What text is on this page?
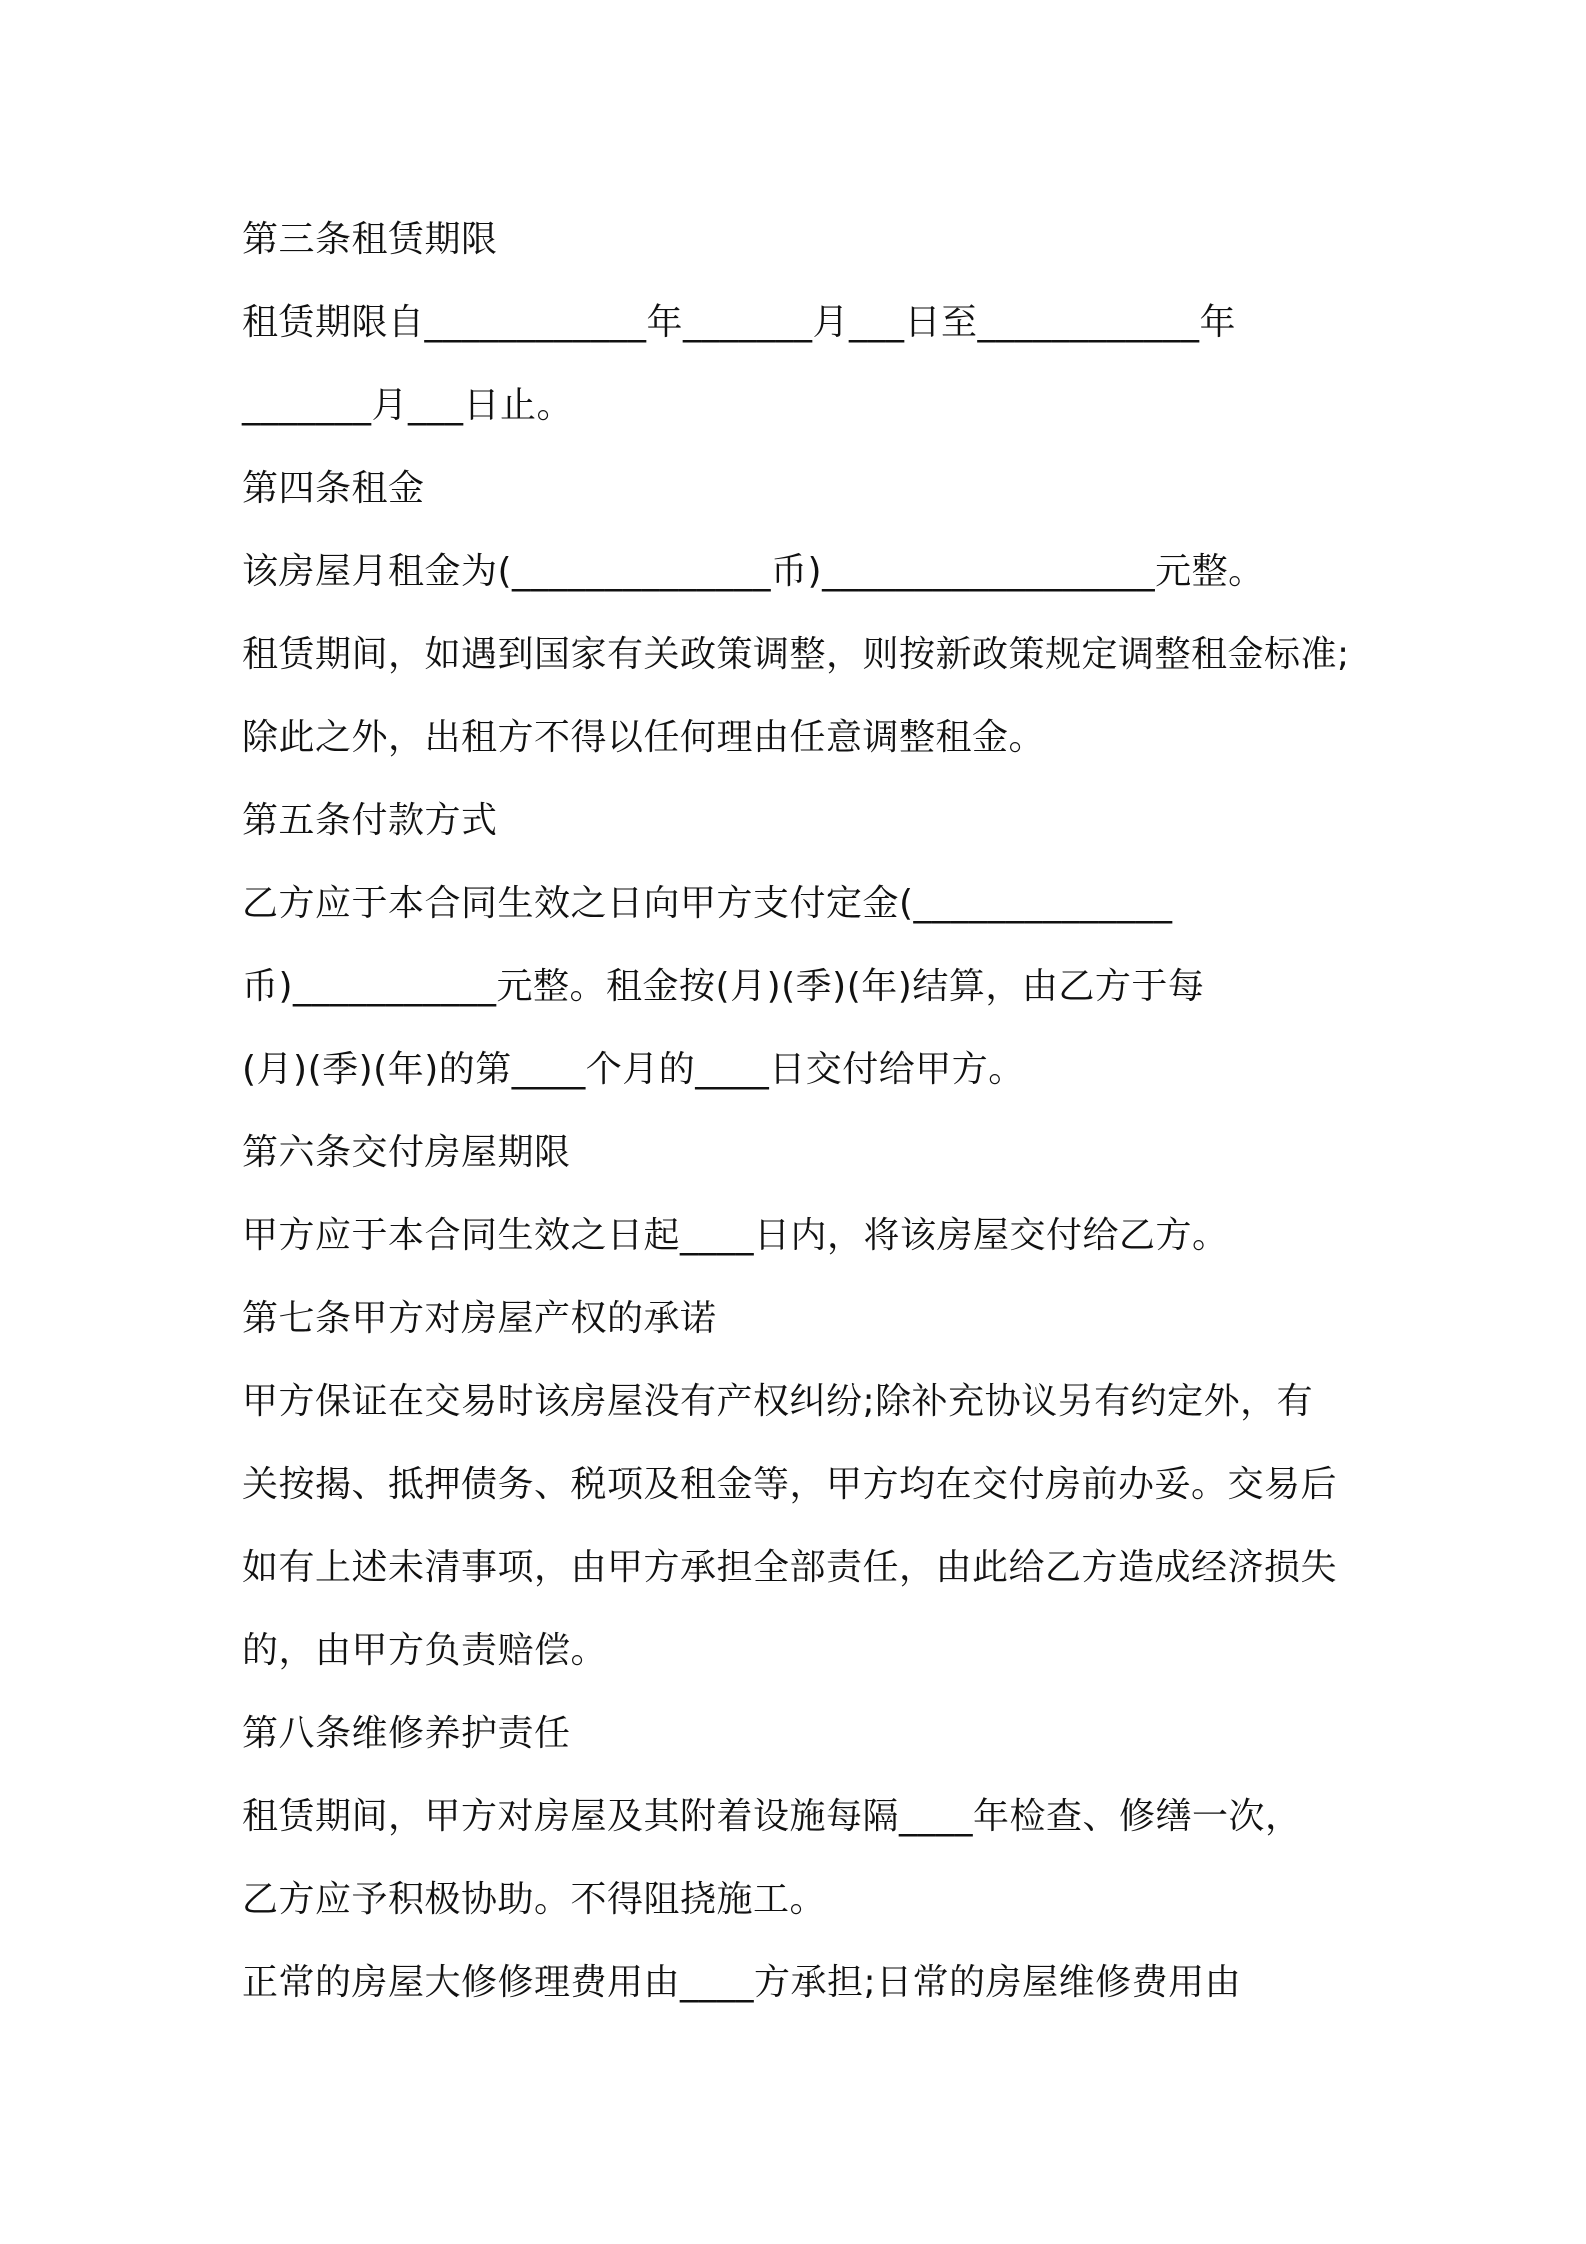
第三条租赁期限
租赁期限自____________年_______月___日至____________年
_______月___日止。
第四条租金
该房屋月租金为(______________币)__________________元整。
租赁期间，如遇到国家有关政策调整，则按新政策规定调整租金标准;
除此之外，出租方不得以任何理由任意调整租金。
第五条付款方式
乙方应于本合同生效之日向甲方支付定金(______________
币)___________元整。租金按(月)(季)(年)结算，由乙方于每
(月)(季)(年)的第____个月的____日交付给甲方。
第六条交付房屋期限
甲方应于本合同生效之日起____日内，将该房屋交付给乙方。
第七条甲方对房屋产权的承诺
甲方保证在交易时该房屋没有产权纠纷;除补充协议另有约定外，有
关按揭、抵押债务、税项及租金等，甲方均在交付房前办妥。交易后
如有上述未清事项，由甲方承担全部责任，由此给乙方造成经济损失
的，由甲方负责赔偿。
第八条维修养护责任
租赁期间，甲方对房屋及其附着设施每隔____年检查、修缮一次，
乙方应予积极协助。不得阻挠施工。
正常的房屋大修修理费用由____方承担;日常的房屋维修费用由
